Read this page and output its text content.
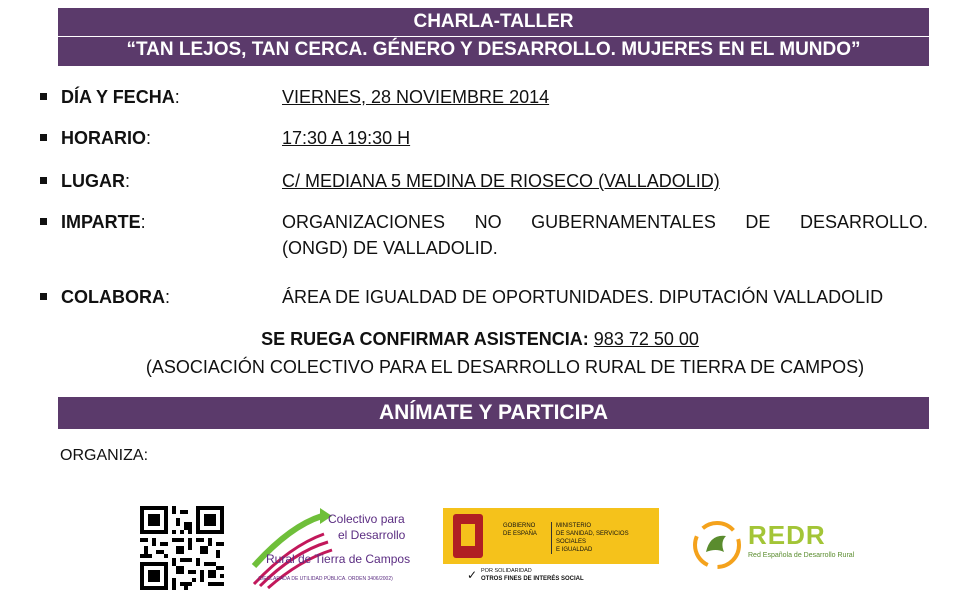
CHARLA-TALLER
“TAN LEJOS, TAN CERCA. GÉNERO Y DESARROLLO. MUJERES EN EL MUNDO”
DÍA Y FECHA:	VIERNES, 28 NOVIEMBRE 2014
HORARIO:	17:30 A 19:30 H
LUGAR:	C/ MEDIANA 5 MEDINA DE RIOSECO (VALLADOLID)
IMPARTE:	ORGANIZACIONES NO GUBERNAMENTALES DE DESARROLLO.
(ONGD) DE VALLADOLID.
COLABORA:	ÁREA DE IGUALDAD DE OPORTUNIDADES. DIPUTACIÓN VALLADOLID
SE RUEGA CONFIRMAR ASISTENCIA: 983 72 50 00
(ASOCIACIÓN COLECTIVO PARA EL DESARROLLO RURAL DE TIERRA DE CAMPOS)
ANÍMATE Y PARTICIPA
ORGANIZA:
Colectivo para
el Desarrollo
Rural de Tierra de Campos
(DECLARADA DE UTILIDAD PÚBLICA. ORDEN 3406/2002)
GOBIERNO
DE ESPAÑA
MINISTERIO
DE SANIDAD, SERVICIOS SOCIALES
E IGUALDAD
✓ POR SOLIDARIDAD
OTROS FINES DE INTERÉS SOCIAL
REDR
Red Española de Desarrollo Rural
